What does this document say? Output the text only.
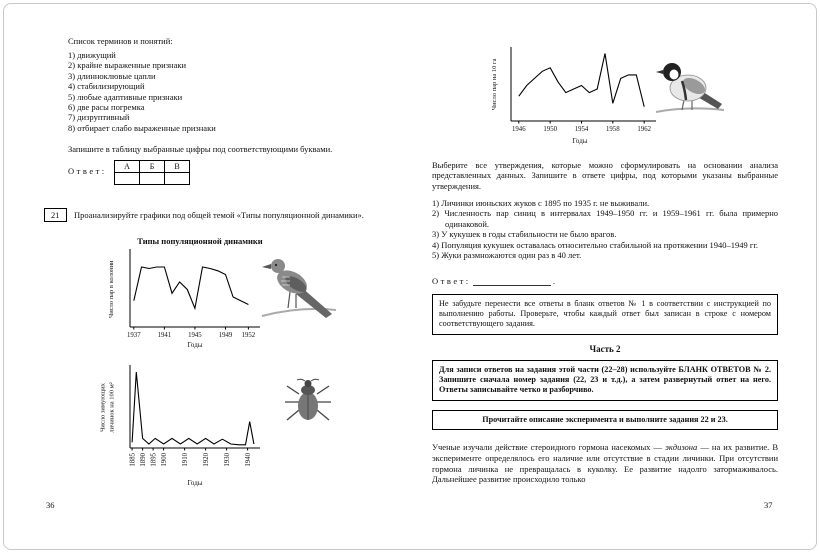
Список терминов и понятий:
1) движущий
2) крайне выраженные признаки
3) длинноклювые цапли
4) стабилизирующий
5) любые адаптивные признаки
6) две расы погремка
7) дизруптивный
8) отбирает слабо выраженные признаки
Запишите в таблицу выбранные цифры под соответствующими буквами.
Ответ: А	Б	В

21	Проанализируйте графики под общей темой «Типы популяционной динамики».
Типы популяционной динамики
Число пар в колонии
1937	1941 1945	1949 1952
Годы
Число зимующих личинок на 100 м²
1885 1890 1895 1900 1910 1920 1930 1940
Годы
36
Число пар на 10 га
1946	1950	1954	1958	1962
Годы
Выберите все утверждения, которые можно сформулировать на основании анализа представленных данных. Запишите в ответе цифры, под которыми указаны выбранные утверждения.
1) Личинки июньских жуков с 1895 по 1935 г. не выживали.
2) Численность пар синиц в интервалах 1949–1950 гг. и 1959–1961 гг. была примерно одинаковой.
3) У кукушек в годы стабильности не было врагов.
4) Популяция кукушек оставалась относительно стабильной на протяжении 1940–1949 гг.
5) Жуки размножаются один раз в 40 лет.
Ответ:	.
Не забудьте перенести все ответы в бланк ответов № 1 в соответствии с инструкцией по выполнению работы. Проверьте, чтобы каждый ответ был записан в строке с номером соответствующего задания.
Часть 2
Для записи ответов на задания этой части (22–28) используйте БЛАНК ОТВЕТОВ № 2. Запишите сначала номер задания (22, 23 и т.д.), а затем развернутый ответ на него. Ответы записывайте четко и разборчиво.
Прочитайте описание эксперимента и выполните задания 22 и 23.
Ученые изучали действие стероидного гормона насекомых — экдизона — на их развитие. В эксперименте определялось его наличие или отсутствие в стадии личинки. При отсутствии гормона личинка не превращалась в куколку. Ее развитие надолго затормаживалось. Дальнейшее развитие происходило только
37
